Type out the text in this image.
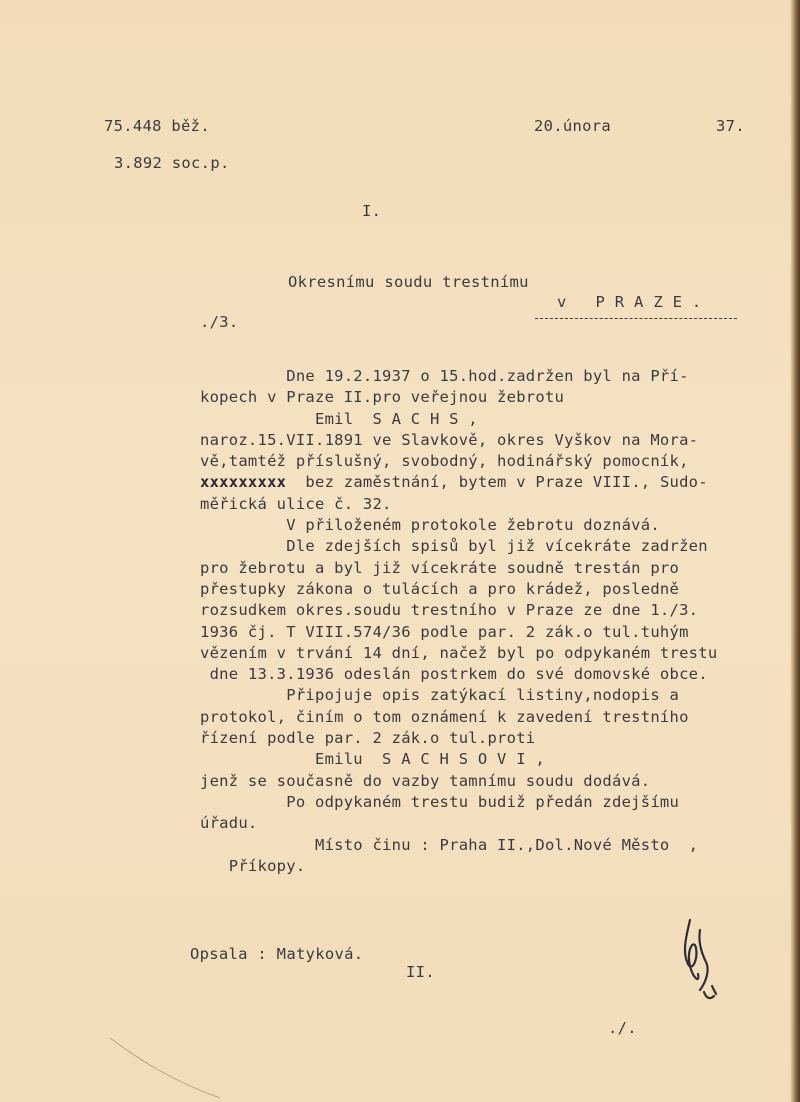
75.448 běž.	20.února	37.
3.892 soc.p.
I.
Okresnímu soudu trestnímu
v   P R A Z E .
./3.
Dne 19.2.1937 o 15.hod.zadržen byl na Pří-
kopech v Praze II.pro veřejnou žebrotu
Emil  S A C H S ,
naroz.15.VII.1891 ve Slavkově, okres Vyškov na Mora-
vě,tamtéž příslušný, svobodný, hodinářský pomocník,
xxxxxxxxx  bez zaměstnání, bytem v Praze VIII., Sudo-
měřická ulice č. 32.
V přiloženém protokole žebrotu doznává.
Dle zdejších spisů byl již vícekráte zadržen
pro žebrotu a byl již vícekráte soudně trestán pro
přestupky zákona o tulácích a pro krádež, posledně
rozsudkem okres.soudu trestního v Praze ze dne 1./3.
1936 čj. T VIII.574/36 podle par. 2 zák.o tul.tuhým
vězením v trvání 14 dní, načež byl po odpykaném trestu
dne 13.3.1936 odeslán postrkem do své domovské obce.
Připojuje opis zatýkací listiny,nodopis a
protokol, činím o tom oznámení k zavedení trestního
řízení podle par. 2 zák.o tul.proti
Emilu  S A C H S O V I ,
jenž se současně do vazby tamnímu soudu dodává.
Po odpykaném trestu budiž předán zdejšímu
úřadu.
Místo činu : Praha II.,Dol.Nové Město  ,
Příkopy.
Opsala : Matyková.
II.
./.
